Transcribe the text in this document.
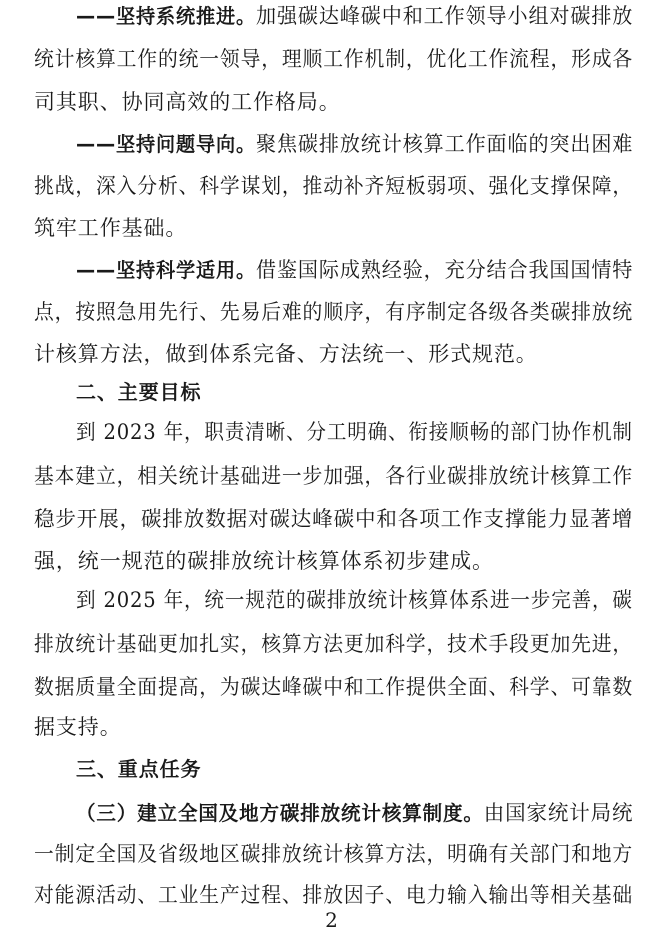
——坚持系统推进。加强碳达峰碳中和工作领导小组对碳排放
统计核算工作的统一领导，理顺工作机制，优化工作流程，形成各
司其职、协同高效的工作格局。
——坚持问题导向。聚焦碳排放统计核算工作面临的突出困难
挑战，深入分析、科学谋划，推动补齐短板弱项、强化支撑保障，
筑牢工作基础。
——坚持科学适用。借鉴国际成熟经验，充分结合我国国情特
点，按照急用先行、先易后难的顺序，有序制定各级各类碳排放统
计核算方法，做到体系完备、方法统一、形式规范。
二、主要目标
到 2023 年，职责清晰、分工明确、衔接顺畅的部门协作机制
基本建立，相关统计基础进一步加强，各行业碳排放统计核算工作
稳步开展，碳排放数据对碳达峰碳中和各项工作支撑能力显著增
强，统一规范的碳排放统计核算体系初步建成。
到 2025 年，统一规范的碳排放统计核算体系进一步完善，碳
排放统计基础更加扎实，核算方法更加科学，技术手段更加先进，
数据质量全面提高，为碳达峰碳中和工作提供全面、科学、可靠数
据支持。
三、重点任务
（三）建立全国及地方碳排放统计核算制度。由国家统计局统
一制定全国及省级地区碳排放统计核算方法，明确有关部门和地方
对能源活动、工业生产过程、排放因子、电力输入输出等相关基础
2
